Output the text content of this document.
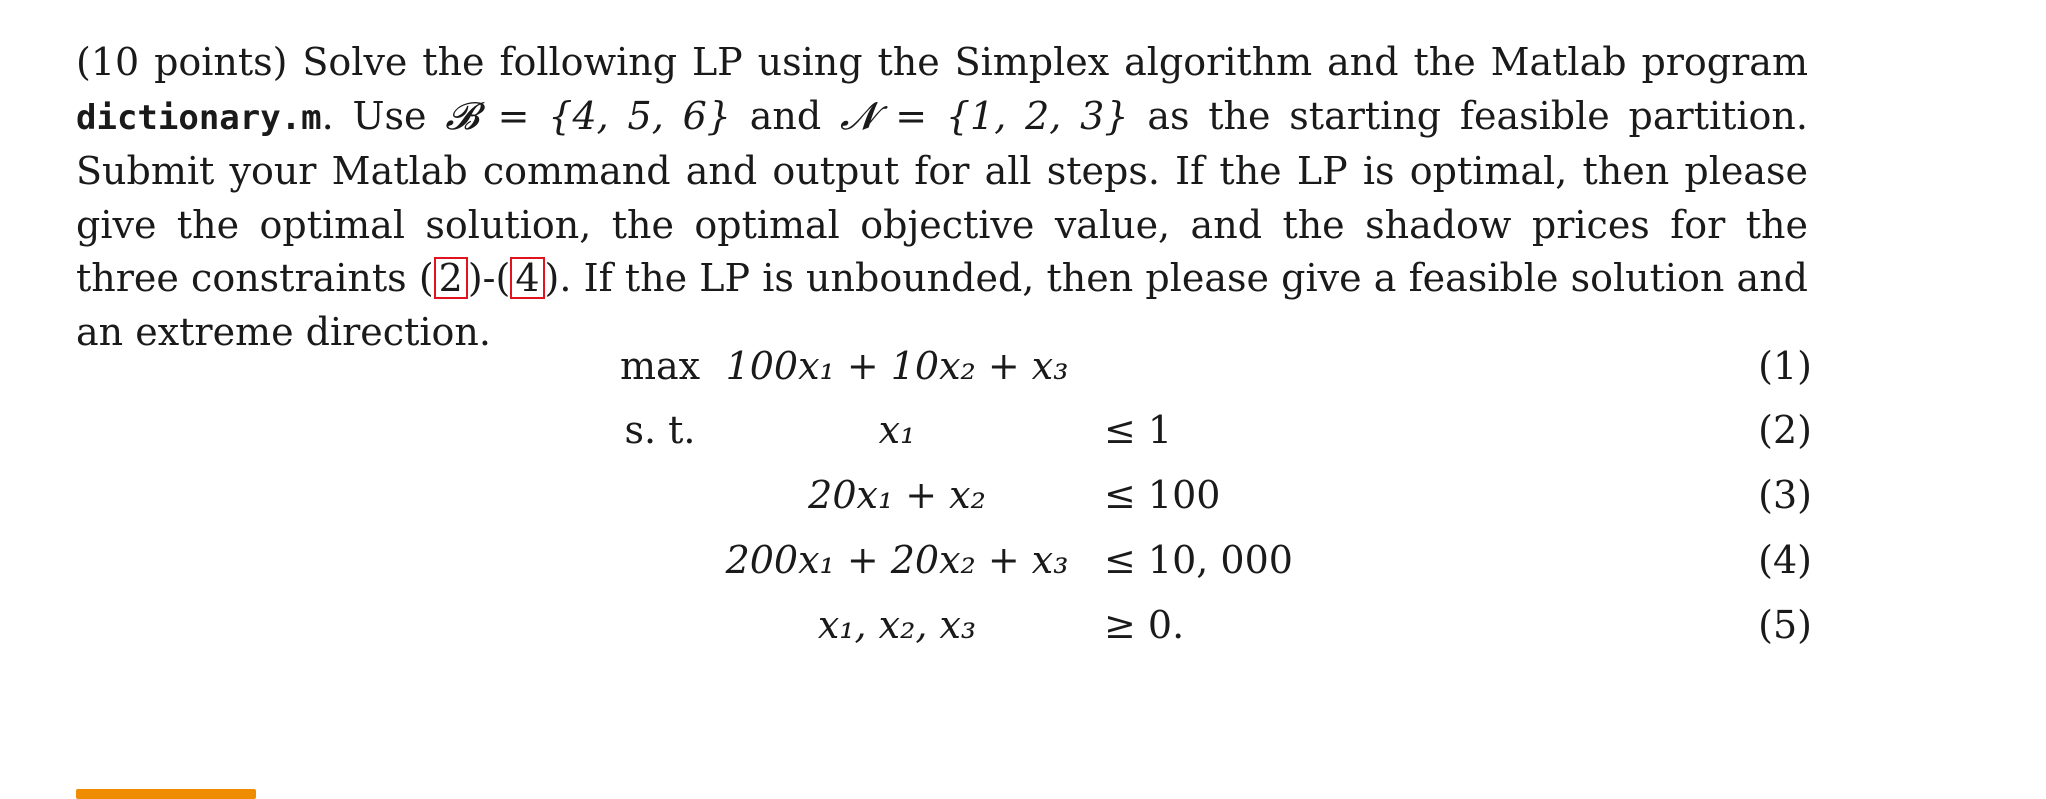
(10 points) Solve the following LP using the Simplex algorithm and the Matlab program dictionary.m. Use 𝓑 = {4, 5, 6} and 𝓝 = {1, 2, 3} as the starting feasible partition. Submit your Matlab command and output for all steps. If the LP is optimal, then please give the optimal solution, the optimal objective value, and the shadow prices for the three constraints ( 2 )-( 4 ). If the LP is unbounded, then please give a feasible solution and an extreme direction.

max 100x₁ + 10x₂ + x₃	(1)
s. t.	x₁	≤ 1	(2)
20x₁ + x₂	≤ 100	(3)
200x₁ + 20x₂ + x₃ ≤ 10, 000	(4)
x₁, x₂, x₃	≥ 0.	(5)
